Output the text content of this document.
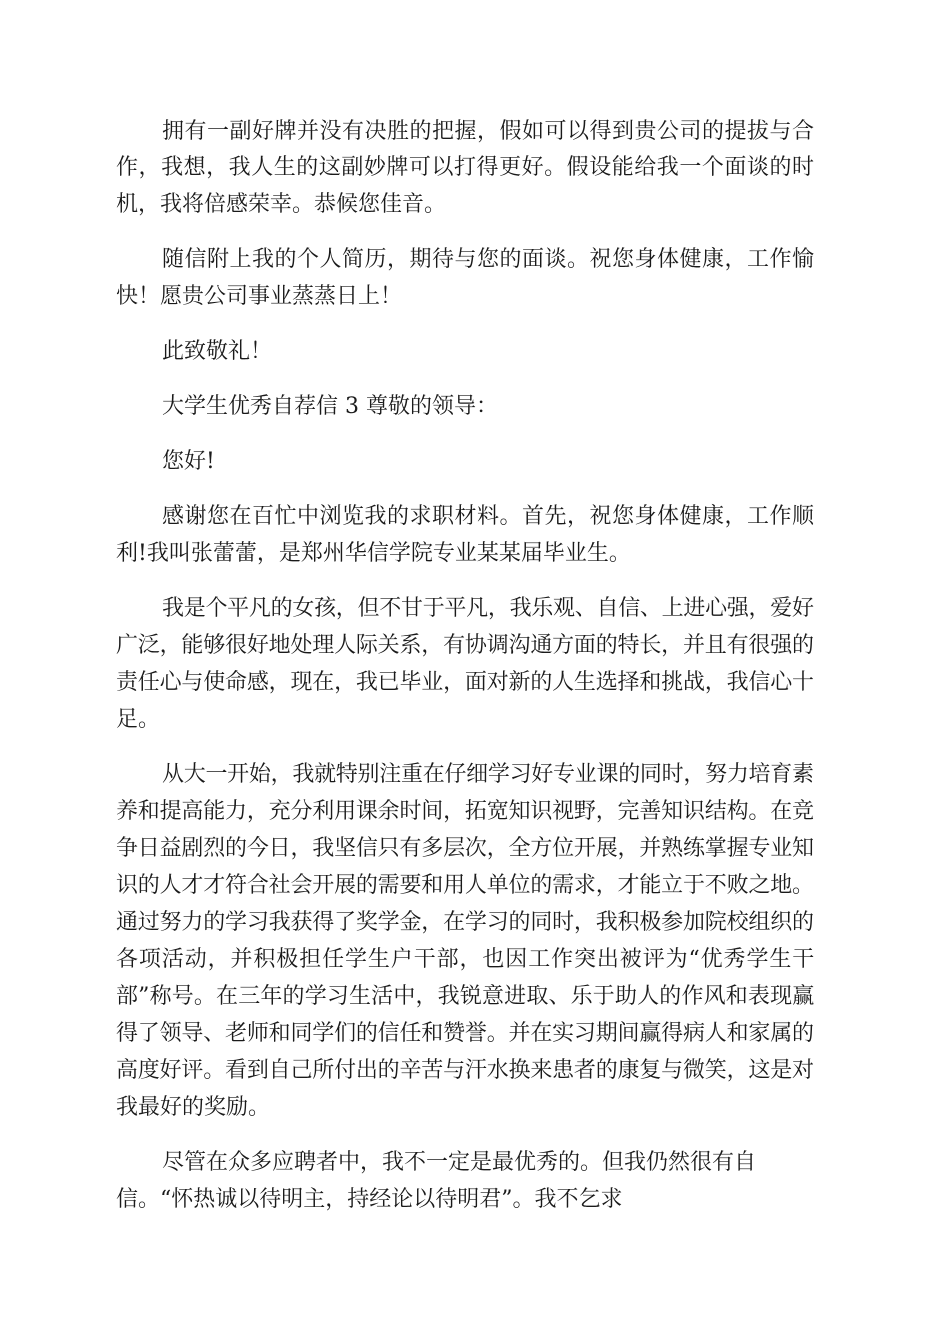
拥有一副好牌并没有决胜的把握，假如可以得到贵公司的提拔与合
作，我想，我人生的这副妙牌可以打得更好。假设能给我一个面谈的时
机，我将倍感荣幸。恭候您佳音。
随信附上我的个人简历，期待与您的面谈。祝您身体健康，工作愉
快！愿贵公司事业蒸蒸日上！
此致敬礼！
大学生优秀自荐信 3 尊敬的领导：
您好!
感谢您在百忙中浏览我的求职材料。首先，祝您身体健康，工作顺
利!我叫张蕾蕾，是郑州华信学院专业某某届毕业生。
我是个平凡的女孩，但不甘于平凡，我乐观、自信、上进心强，爱好
广泛，能够很好地处理人际关系，有协调沟通方面的特长，并且有很强的
责任心与使命感，现在，我已毕业，面对新的人生选择和挑战，我信心十
足。
从大一开始，我就特别注重在仔细学习好专业课的同时，努力培育素
养和提高能力，充分利用课余时间，拓宽知识视野，完善知识结构。在竞
争日益剧烈的今日，我坚信只有多层次，全方位开展，并熟练掌握专业知
识的人才才符合社会开展的需要和用人单位的需求，才能立于不败之地。
通过努力的学习我获得了奖学金，在学习的同时，我积极参加院校组织的
各项活动，并积极担任学生户干部，也因工作突出被评为“优秀学生干
部”称号。在三年的学习生活中，我锐意进取、乐于助人的作风和表现赢
得了领导、老师和同学们的信任和赞誉。并在实习期间赢得病人和家属的
高度好评。看到自己所付出的辛苦与汗水换来患者的康复与微笑，这是对
我最好的奖励。
尽管在众多应聘者中，我不一定是最优秀的。但我仍然很有自
信。“怀热诚以待明主，持经论以待明君”。我不乞求
